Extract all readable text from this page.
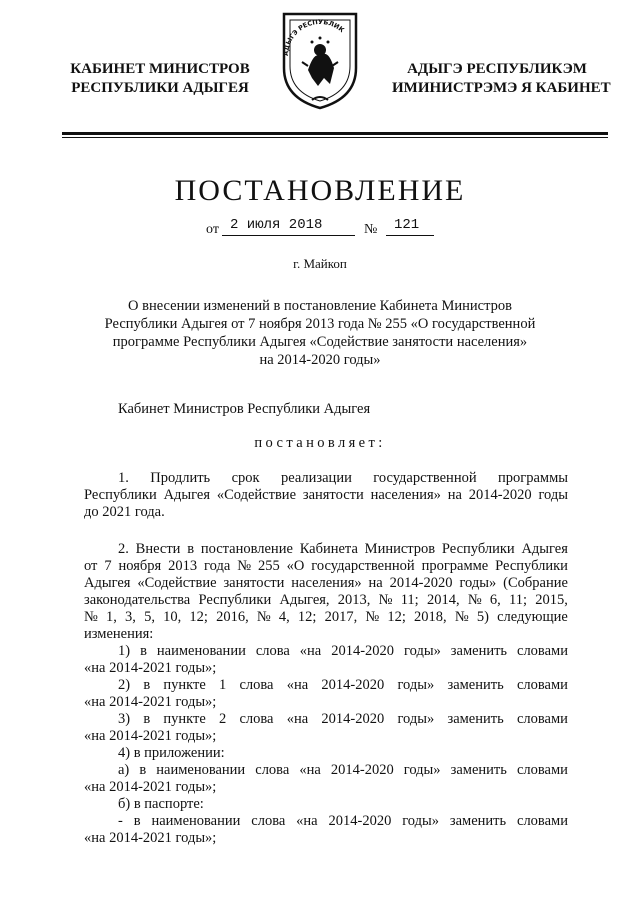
КАБИНЕТ МИНИСТРОВ
РЕСПУБЛИКИ АДЫГЕЯ
АДЫГЭ РЕСПУБЛИК
АДЫГЭ РЕСПУБЛИКЭМ
ИМИНИСТРЭМЭ Я КАБИНЕТ
ПОСТАНОВЛЕНИЕ
от 2 июля 2018	№	121
г. Майкоп
О внесении изменений в постановление Кабинета Министров
Республики Адыгея от 7 ноября 2013 года № 255 «О государственной
программе Республики Адыгея «Содействие занятости населения»
на 2014-2020 годы»
Кабинет Министров Республики Адыгея
постановляет:
1. Продлить срок реализации государственной программы
Республики Адыгея «Содействие занятости населения» на 2014-2020 годы
до 2021 года.
2. Внести в постановление Кабинета Министров Республики Адыгея
от 7 ноября 2013 года № 255 «О государственной программе Республики
Адыгея «Содействие занятости населения» на 2014-2020 годы» (Собрание
законодательства Республики Адыгея, 2013, № 11; 2014, № 6, 11; 2015,
№ 1, 3, 5, 10, 12; 2016, № 4, 12; 2017, № 12; 2018, № 5) следующие
изменения:
1) в наименовании слова «на 2014-2020 годы» заменить словами
«на 2014-2021 годы»;
2) в пункте 1 слова «на 2014-2020 годы» заменить словами
«на 2014-2021 годы»;
3) в пункте 2 слова «на 2014-2020 годы» заменить словами
«на 2014-2021 годы»;
4) в приложении:
а) в наименовании слова «на 2014-2020 годы» заменить словами
«на 2014-2021 годы»;
б) в паспорте:
- в наименовании слова «на 2014-2020 годы» заменить словами
«на 2014-2021 годы»;
